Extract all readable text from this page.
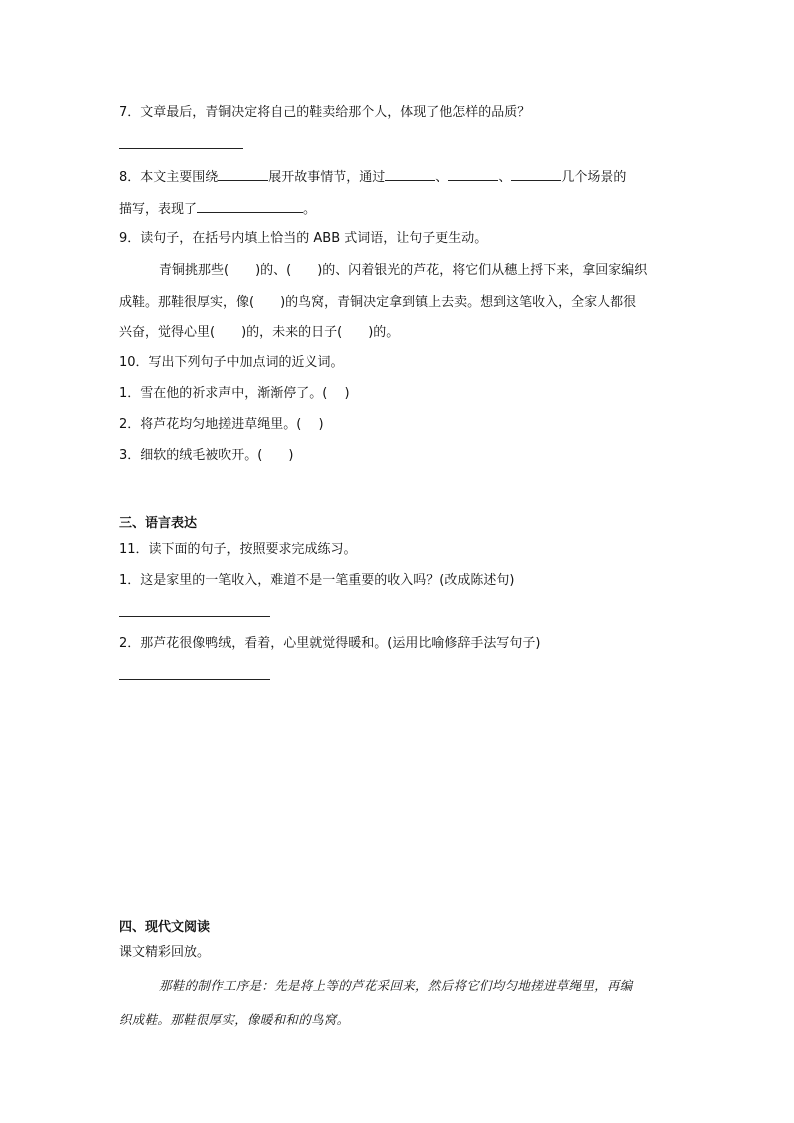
7．文章最后，青铜决定将自己的鞋卖给那个人，体现了他怎样的品质？
8．本文主要围绕	展开故事情节，通过	、	、	几个场景的
描写，表现了	。
9．读句子，在括号内填上恰当的 ABB 式词语，让句子更生动。
青铜挑那些(　　)的、(　　)的、闪着银光的芦花，将它们从穗上捋下来，拿回家编织
成鞋。那鞋很厚实，像(　　)的鸟窝，青铜决定拿到镇上去卖。想到这笔收入，全家人都很
兴奋，觉得心里(　　)的，未来的日子(　　)的。
10．写出下列句子中加点词的近义词。
1．雪在他的祈求声中，渐渐停了。(　 )
2．将芦花均匀地搓进草绳里。(　 )
3．细软的绒毛被吹开。(　　)
三、语言表达
11．读下面的句子，按照要求完成练习。
1．这是家里的一笔收入，难道不是一笔重要的收入吗？(改成陈述句)
2．那芦花很像鸭绒，看着，心里就觉得暖和。(运用比喻修辞手法写句子)
四、现代文阅读
课文精彩回放。
那鞋的制作工序是：先是将上等的芦花采回来，然后将它们均匀地搓进草绳里，再编
织成鞋。那鞋很厚实，像暖和和的鸟窝。
